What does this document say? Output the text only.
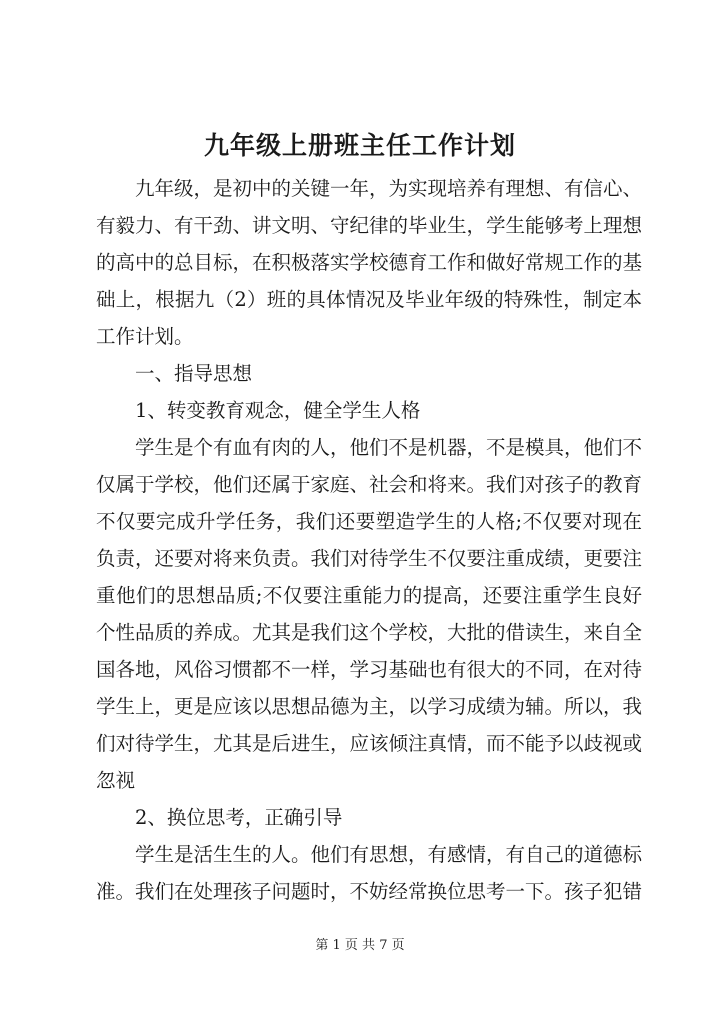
九年级上册班主任工作计划

九年级，是初中的关键一年，为实现培养有理想、有信心、有毅力、有干劲、讲文明、守纪律的毕业生，学生能够考上理想的高中的总目标，在积极落实学校德育工作和做好常规工作的基础上，根据九（2）班的具体情况及毕业年级的特殊性，制定本工作计划。

一、指导思想

1、转变教育观念，健全学生人格

学生是个有血有肉的人，他们不是机器，不是模具，他们不仅属于学校，他们还属于家庭、社会和将来。我们对孩子的教育不仅要完成升学任务，我们还要塑造学生的人格;不仅要对现在负责，还要对将来负责。我们对待学生不仅要注重成绩，更要注重他们的思想品质;不仅要注重能力的提高，还要注重学生良好个性品质的养成。尤其是我们这个学校，大批的借读生，来自全国各地，风俗习惯都不一样，学习基础也有很大的不同，在对待学生上，更是应该以思想品德为主，以学习成绩为辅。所以，我们对待学生，尤其是后进生，应该倾注真情，而不能予以歧视或忽视

2、换位思考，正确引导

学生是活生生的人。他们有思想，有感情，有自己的道德标准。我们在处理孩子问题时，不妨经常换位思考一下。孩子犯错

第 1 页 共 7 页
